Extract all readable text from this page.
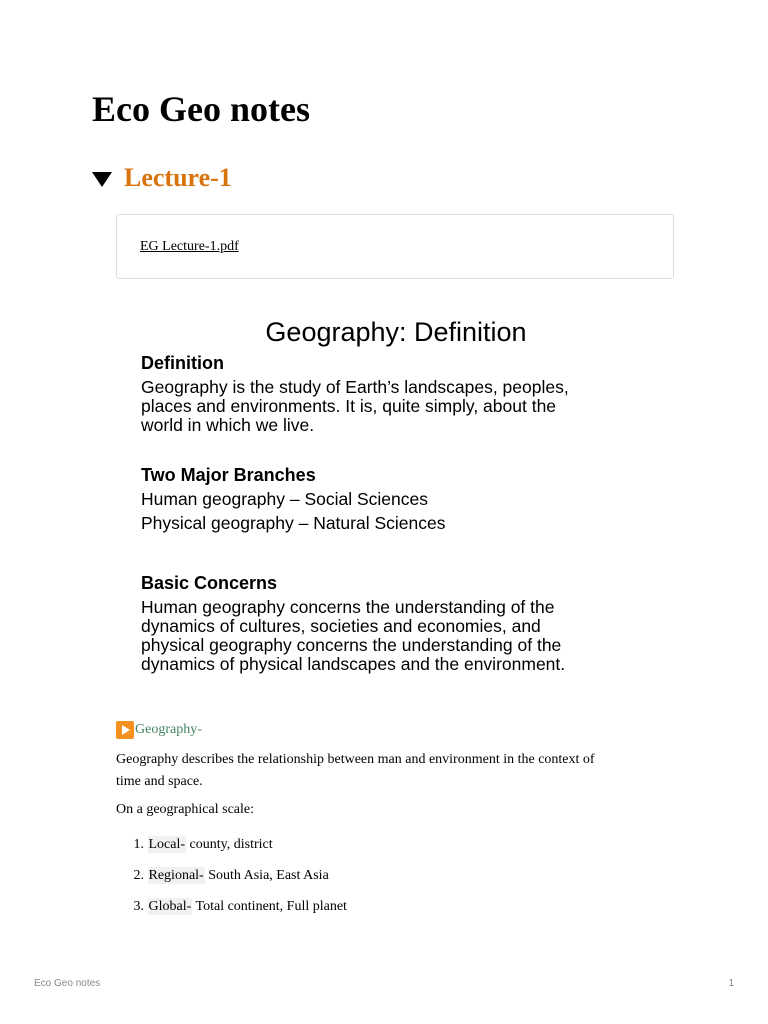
Eco Geo notes
Lecture-1
EG Lecture-1.pdf
Geography: Definition
Definition
Geography is the study of Earth’s landscapes, peoples,
places and environments. It is, quite simply, about the
world in which we live.
Two Major Branches
Human geography – Social Sciences
Physical geography – Natural Sciences
Basic Concerns
Human geography concerns the understanding of the
dynamics of cultures, societies and economies, and
physical geography concerns the understanding of the
dynamics of physical landscapes and the environment.
Geography-
Geography describes the relationship between man and environment in the context of
time and space.
On a geographical scale:
1. Local- county, district
2. Regional- South Asia, East Asia
3. Global- Total continent, Full planet
Eco Geo notes	1
